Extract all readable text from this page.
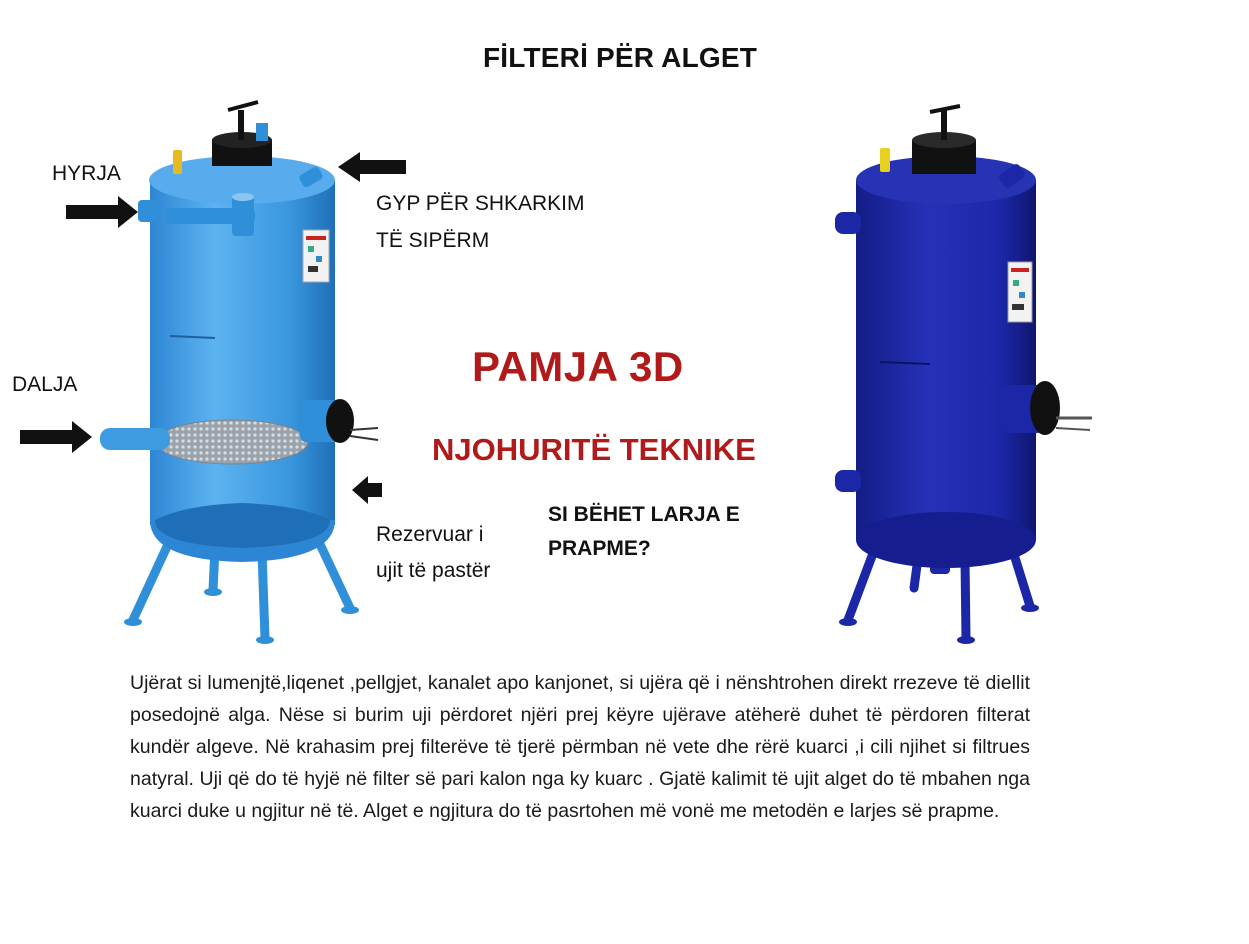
FİLTERİ PËR ALGET
HYRJA
DALJA
GYP PËR SHKARKIM
TË SIPËRM
Rezervuar i
ujit të pastër
PAMJA 3D
NJOHURITË TEKNIKE
SI BËHET LARJA E
PRAPME?
Ujërat si lumenjtë,liqenet ,pellgjet, kanalet apo kanjonet, si ujëra që i nënshtrohen direkt rrezeve të diellit posedojnë alga. Nëse si burim uji përdoret njëri prej këyre ujërave atëherë duhet të përdoren filterat kundër algeve. Në krahasim prej filterëve të tjerë përmban në vete dhe rërë kuarci ,i cili njihet si filtrues natyral. Uji që do të hyjë në filter së pari kalon nga ky kuarc . Gjatë kalimit të ujit alget do të mbahen nga kuarci duke u ngjitur në të. Alget e ngjitura do të pasrtohen më vonë me metodën e larjes së prapme.
